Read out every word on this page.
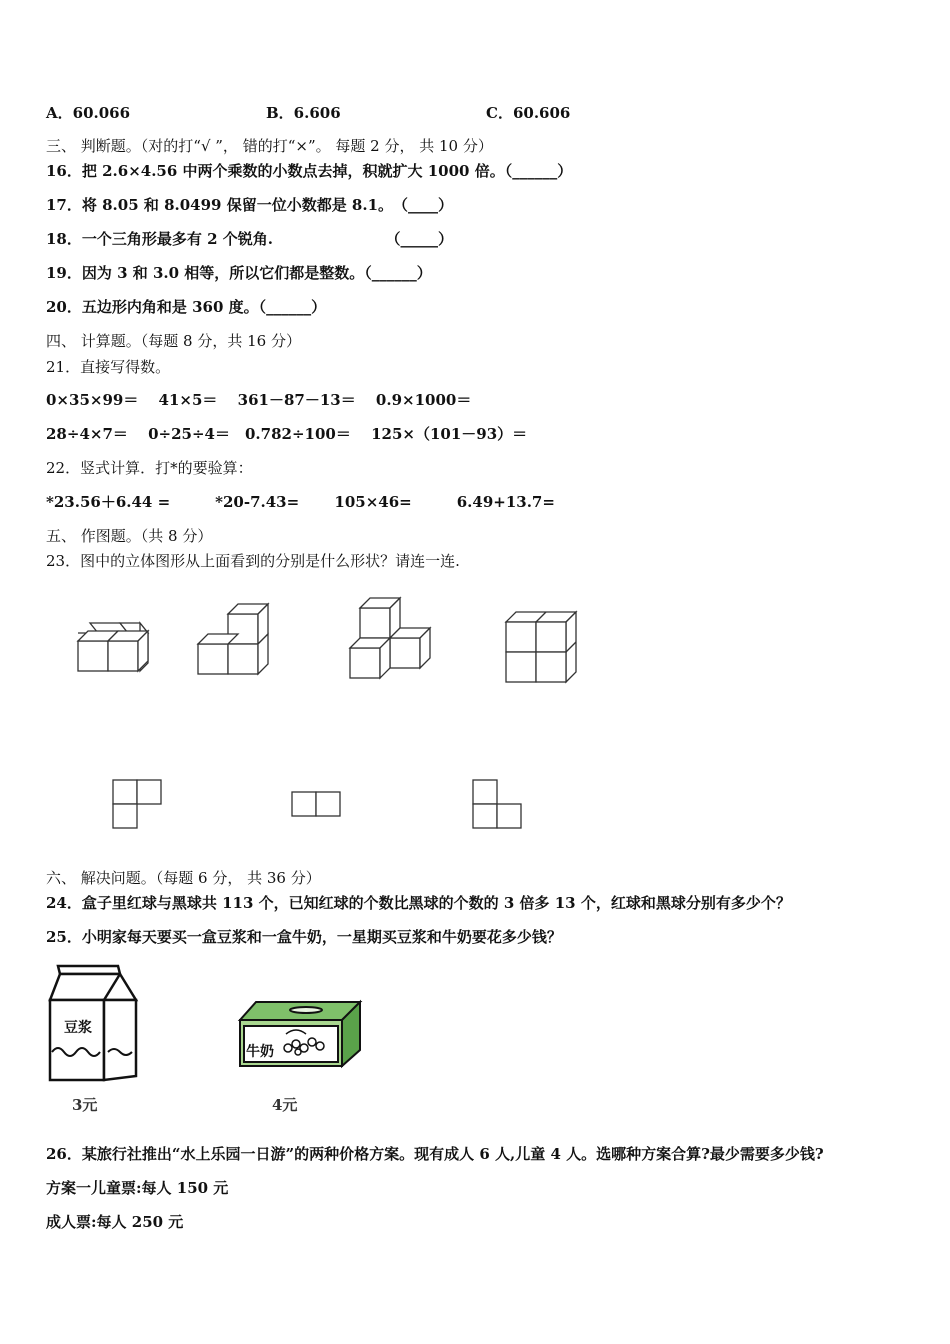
A．60.066	B．6.606	C．60.606
三、 判断题。（对的打“√ ”， 错的打“×”。 每题 2 分， 共 10 分）
16．把 2.6×4.56 中两个乘数的小数点去掉，积就扩大 1000 倍。（______）
17．将 8.05 和 8.0499 保留一位小数都是 8.1。　（____）
18．一个三角形最多有 2 个锐角.　　　　　　　　（_____）
19．因为 3 和 3.0 相等，所以它们都是整数。（______）
20．五边形内角和是 360 度。（______）
四、 计算题。（每题 8 分，共 16 分）
21．直接写得数。
0×35×99＝　 41×5＝　 361－87－13＝　 0.9×1000＝
28÷4×7＝　 0÷25÷4＝　0.782÷100＝　 125×（101－93）＝
22．竖式计算．打*的要验算：
*23.56＋6.44 =　　　*20-7.43=　　 105×46=　　　6.49+13.7=
五、 作图题。（共 8 分）
23．图中的立体图形从上面看到的分别是什么形状？请连一连.
六、 解决问题。（每题 6 分， 共 36 分）
24．盒子里红球与黑球共 113 个，已知红球的个数比黑球的个数的 3 倍多 13 个，红球和黑球分别有多少个？
25．小明家每天要买一盒豆浆和一盒牛奶，一星期买豆浆和牛奶要花多少钱？
豆浆
3元
牛奶
4元
26．某旅行社推出“水上乐园一日游”的两种价格方案。现有成人 6 人,儿童 4 人。选哪种方案合算?最少需要多少钱?
方案一儿童票:每人 150 元
成人票:每人 250 元
